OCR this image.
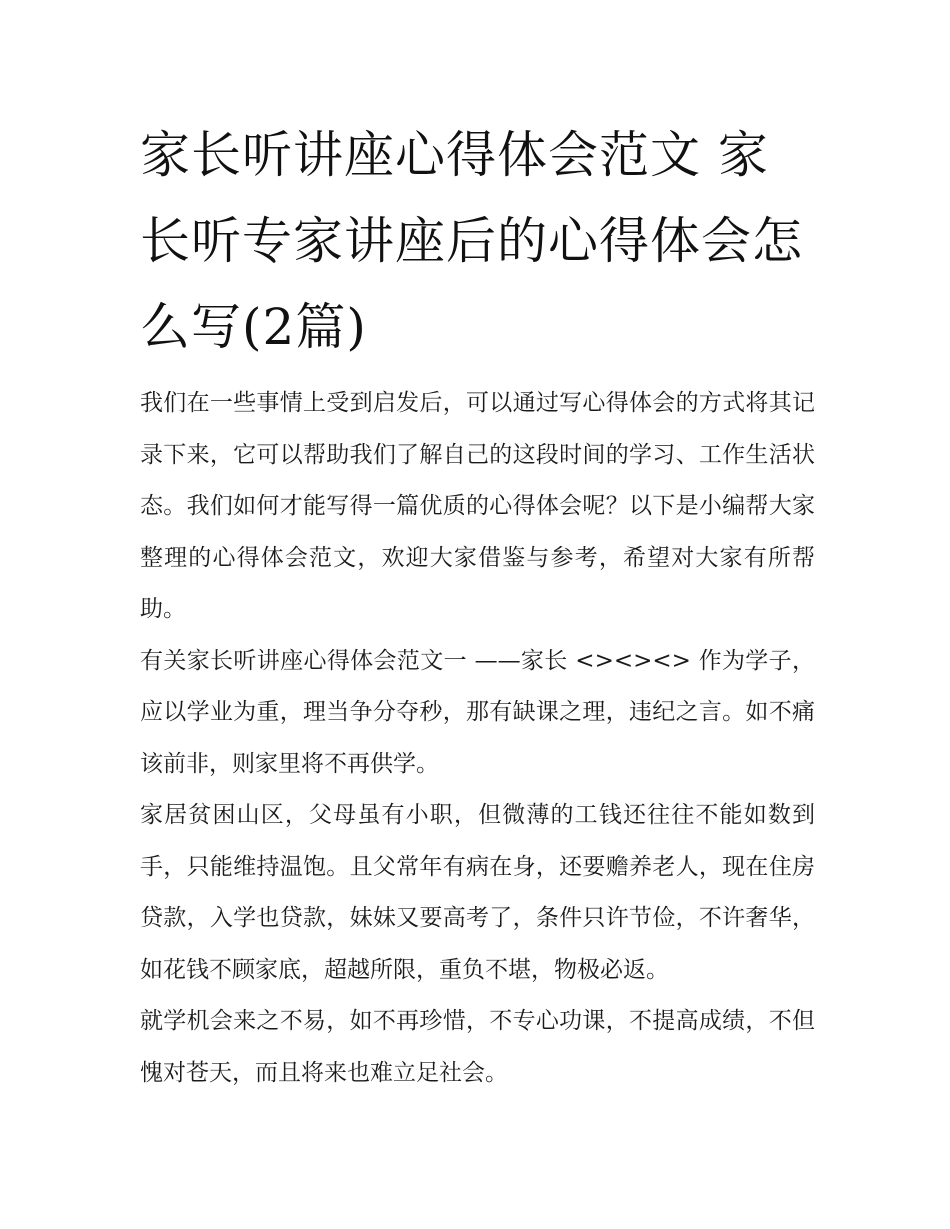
家长听讲座心得体会范文 家长听专家讲座后的心得体会怎么写(2篇)

我们在一些事情上受到启发后，可以通过写心得体会的方式将其记录下来，它可以帮助我们了解自己的这段时间的学习、工作生活状态。我们如何才能写得一篇优质的心得体会呢？以下是小编帮大家整理的心得体会范文，欢迎大家借鉴与参考，希望对大家有所帮助。

有关家长听讲座心得体会范文一 ——家长 <><><> 作为学子，应以学业为重，理当争分夺秒，那有缺课之理，违纪之言。如不痛该前非，则家里将不再供学。

家居贫困山区，父母虽有小职，但微薄的工钱还往往不能如数到手，只能维持温饱。且父常年有病在身，还要赡养老人，现在住房贷款，入学也贷款，妹妹又要高考了，条件只许节俭，不许奢华，如花钱不顾家底，超越所限，重负不堪，物极必返。

就学机会来之不易，如不再珍惜，不专心功课，不提高成绩，不但愧对苍天，而且将来也难立足社会。
